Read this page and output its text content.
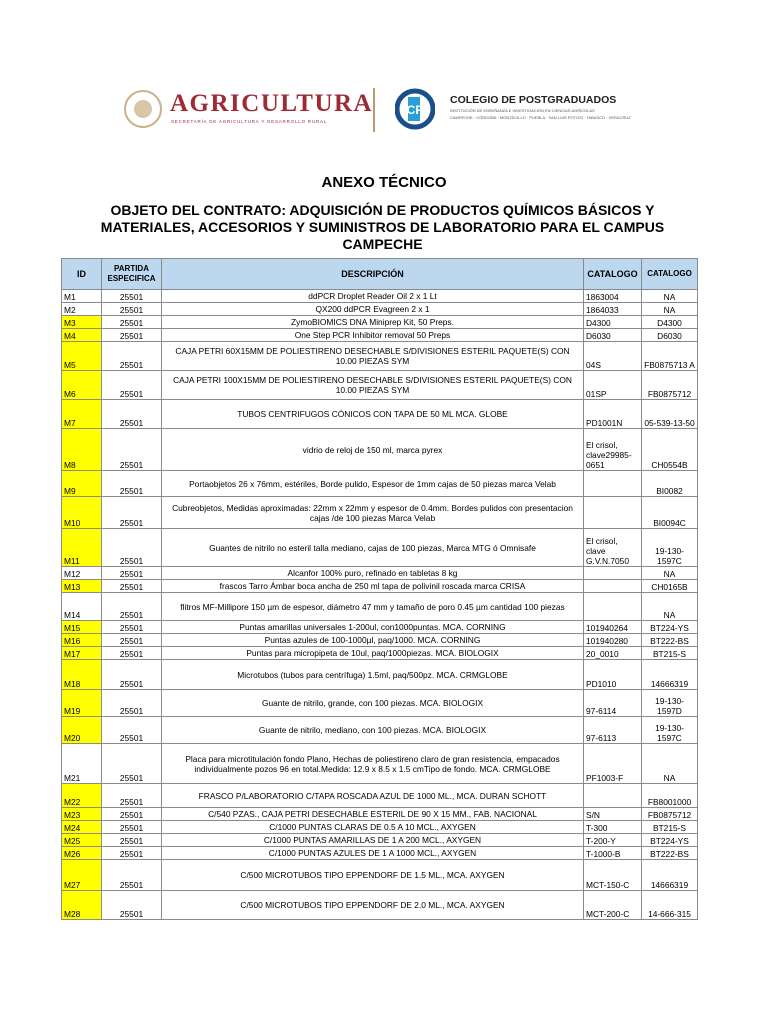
AGRICULTURA
SECRETARÍA DE AGRICULTURA Y DESARROLLO RURAL
CP
COLEGIO DE POSTGRADUADOS
INSTITUCIÓN DE ENSEÑANZA E INVESTIGACIÓN EN CIENCIAS AGRÍCOLAS
CAMPECHE · CÓRDOBA · MONTECILLO · PUEBLA · SAN LUIS POTOSÍ · TABASCO · VERACRUZ
ANEXO TÉCNICO
OBJETO DEL CONTRATO: ADQUISICIÓN DE PRODUCTOS QUÍMICOS BÁSICOS Y MATERIALES, ACCESORIOS Y SUMINISTROS DE LABORATORIO PARA EL CAMPUS CAMPECHE
ID	PARTIDA ESPECIFICA	DESCRIPCIÓN	CATALOGO	CATALOGO
M1	25501	ddPCR Droplet Reader Oil 2 x 1 Lt	1863004	NA
M2	25501	QX200 ddPCR Evagreen 2 x 1	1864033	NA
M3	25501	ZymoBIOMICS DNA Miniprep Kit, 50 Preps.	D4300	D4300
M4	25501	One Step PCR Inhibitor removal 50 Preps	D6030	D6030
M5	25501	CAJA PETRI 60X15MM DE POLIESTIRENO DESECHABLE S/DIVISIONES ESTERIL PAQUETE(S) CON 10.00 PIEZAS SYM	04S	FB0875713 A
M6	25501	CAJA PETRI 100X15MM DE POLIESTIRENO DESECHABLE S/DIVISIONES ESTERIL PAQUETE(S) CON 10.00 PIEZAS SYM	01SP	FB0875712
M7	25501	TUBOS CENTRIFUGOS CÓNICOS CON TAPA DE 50 ML MCA. GLOBE	PD1001N	05-539-13-50
M8	25501	vidrio de reloj de 150 ml, marca pyrex	El crisol, clave29985-0651	CH0554B
M9	25501	Portaobjetos 26 x 76mm, estériles, Borde pulido, Espesor de 1mm cajas de 50 piezas marca Velab		BI0082
M10	25501	Cubreobjetos, Medidas aproximadas: 22mm x 22mm y espesor de 0.4mm. Bordes pulidos con presentacion cajas /de 100 piezas Marca Velab		BI0094C
M11	25501	Guantes de nitrilo no esteril talla mediano, cajas de 100 piezas, Marca MTG ó Omnisafe	El crisol, clave G.V.N.7050	19-130-1597C
M12	25501	Alcanfor 100% puro, refinado en tabletas 8 kg		NA
M13	25501	frascos Tarro Ámbar boca ancha de 250 ml tapa de polivinil roscada marca CRISA		CH0165B
M14	25501	flitros MF-Millipore 150 µm de espesor, diámetro 47 mm y tamaño de poro 0.45 µm cantidad 100 piezas		NA
M15	25501	Puntas amarillas universales 1-200ul, con1000puntas. MCA. CORNING	101940264	BT224-YS
M16	25501	Puntas azules de 100-1000µl, paq/1000. MCA. CORNING	101940280	BT222-BS
M17	25501	Puntas para micropipeta de 10ul, paq/1000piezas. MCA. BIOLOGIX	20_0010	BT215-S
M18	25501	Microtubos (tubos para centrífuga) 1.5ml, paq/500pz. MCA. CRMGLOBE	PD1010	14666319
M19	25501	Guante de nitrilo, grande, con 100 piezas. MCA. BIOLOGIX	97-6114	19-130-1597D
M20	25501	Guante de nitrilo, mediano, con 100 piezas. MCA. BIOLOGIX	97-6113	19-130-1597C
M21	25501	Placa para microtitulación fondo Plano, Hechas de poliestireno claro de gran resistencia, empacados individualmente pozos 96 en total.Medida: 12.9 x 8.5 x 1.5 cmTipo de fondo. MCA. CRMGLOBE	PF1003-F	NA
M22	25501	FRASCO P/LABORATORIO C/TAPA ROSCADA AZUL DE 1000 ML., MCA. DURAN SCHOTT		FB8001000
M23	25501	C/540 PZAS., CAJA PETRI DESECHABLE ESTERIL DE 90 X 15 MM., FAB. NACIONAL	S/N	FB0875712
M24	25501	C/1000 PUNTAS CLARAS DE 0.5 A 10 MCL., AXYGEN	T-300	BT215-S
M25	25501	C/1000 PUNTAS AMARILLAS DE 1 A 200 MCL., AXYGEN	T-200-Y	BT224-YS
M26	25501	C/1000 PUNTAS AZULES DE 1 A 1000 MCL., AXYGEN	T-1000-B	BT222-BS
M27	25501	C/500 MICROTUBOS TIPO EPPENDORF DE 1.5 ML., MCA. AXYGEN	MCT-150-C	14666319
M28	25501	C/500 MICROTUBOS TIPO EPPENDORF DE 2.0 ML., MCA. AXYGEN	MCT-200-C	14-666-315
